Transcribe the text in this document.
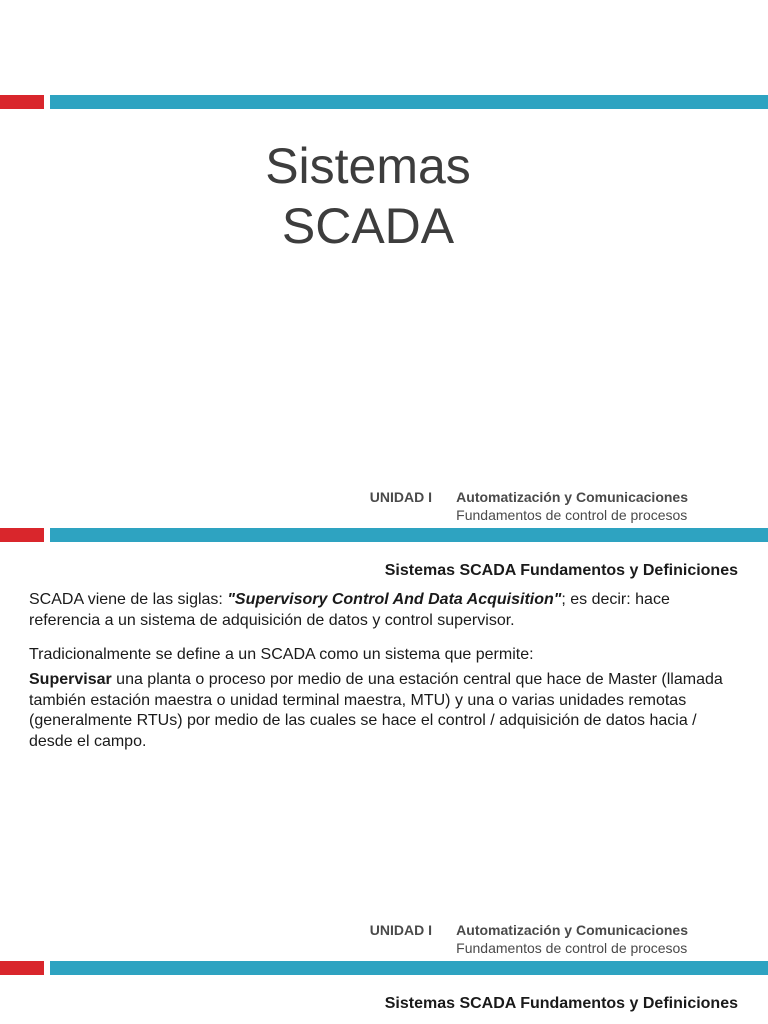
Sistemas
SCADA
UNIDAD I Automatización y Comunicaciones
Fundamentos de control de procesos
Sistemas SCADA Fundamentos y Definiciones

SCADA viene de las siglas: "Supervisory Control And Data Acquisition"; es decir: hace referencia a un sistema de adquisición de datos y control supervisor.

Tradicionalmente se define a un SCADA como un sistema que permite:

Supervisar una planta o proceso por medio de una estación central que hace de Master (llamada también estación maestra o unidad terminal maestra, MTU) y una o varias unidades remotas (generalmente RTUs) por medio de las cuales se hace el control / adquisición de datos hacia / desde el campo.

UNIDAD I Automatización y Comunicaciones
Fundamentos de control de procesos
Sistemas SCADA Fundamentos y Definiciones
